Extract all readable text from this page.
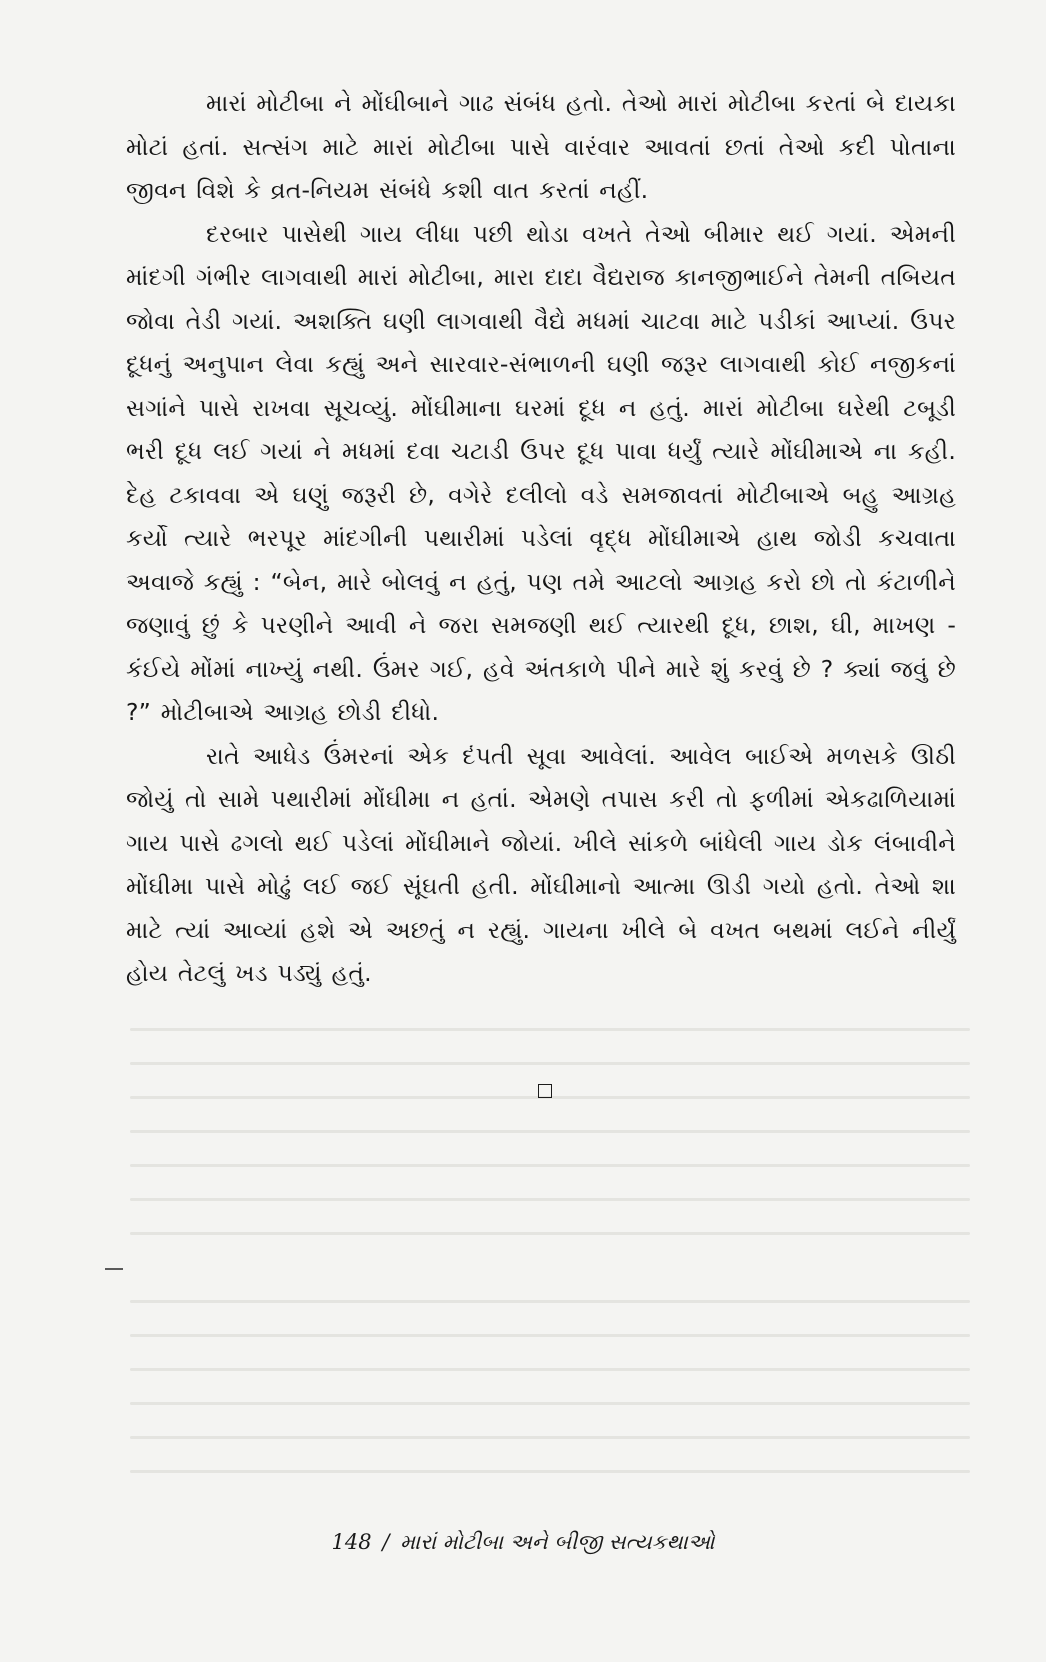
મારાં મોટીબા ને મોંઘીબાને ગાઢ સંબંધ હતો. તેઓ મારાં મોટીબા કરતાં બે દાયકા મોટાં હતાં. સત્સંગ માટે મારાં મોટીબા પાસે વારંવાર આવતાં છતાં તેઓ કદી પોતાના જીવન વિશે કે વ્રત-નિયમ સંબંધે કશી વાત કરતાં નહીં.

દરબાર પાસેથી ગાય લીધા પછી થોડા વખતે તેઓ બીમાર થઈ ગયાં. એમની માંદગી ગંભીર લાગવાથી મારાં મોટીબા, મારા દાદા વૈદ્યરાજ કાનજીભાઈને તેમની તબિયત જોવા તેડી ગયાં. અશક્તિ ઘણી લાગવાથી વૈદ્યે મધમાં ચાટવા માટે પડીકાં આપ્યાં. ઉપર દૂધનું અનુપાન લેવા કહ્યું અને સારવાર-સંભાળની ઘણી જરૂર લાગવાથી કોઈ નજીકનાં સગાંને પાસે રાખવા સૂચવ્યું. મોંઘીમાના ઘરમાં દૂધ ન હતું. મારાં મોટીબા ઘરેથી ટબૂડી ભરી દૂધ લઈ ગયાં ને મધમાં દવા ચટાડી ઉપર દૂધ પાવા ધર્યું ત્યારે મોંઘીમાએ ના કહી. દેહ ટકાવવા એ ઘણું જરૂરી છે, વગેરે દલીલો વડે સમજાવતાં મોટીબાએ બહુ આગ્રહ કર્યો ત્યારે ભરપૂર માંદગીની પથારીમાં પડેલાં વૃદ્ધ મોંઘીમાએ હાથ જોડી કચવાતા અવાજે કહ્યું : “બેન, મારે બોલવું ન હતું, પણ તમે આટલો આગ્રહ કરો છો તો કંટાળીને જણાવું છું કે પરણીને આવી ને જરા સમજણી થઈ ત્યારથી દૂધ, છાશ, ઘી, માખણ - કંઈયે મોંમાં નાખ્યું નથી. ઉંમર ગઈ, હવે અંતકાળે પીને મારે શું કરવું છે ? ક્યાં જવું છે ?” મોટીબાએ આગ્રહ છોડી દીધો.

રાતે આધેડ ઉંમરનાં એક દંપતી સૂવા આવેલાં. આવેલ બાઈએ મળસકે ઊઠી જોયું તો સામે પથારીમાં મોંઘીમા ન હતાં. એમણે તપાસ કરી તો ફળીમાં એકઢાળિયામાં ગાય પાસે ઢગલો થઈ પડેલાં મોંઘીમાને જોયાં. ખીલે સાંકળે બાંધેલી ગાય ડોક લંબાવીને મોંઘીમા પાસે મોઢું લઈ જઈ સૂંઘતી હતી. મોંઘીમાનો આત્મા ઊડી ગયો હતો. તેઓ શા માટે ત્યાં આવ્યાં હશે એ અછતું ન રહ્યું. ગાયના ખીલે બે વખત બથમાં લઈને નીર્યું હોય તેટલું ખડ પડ્યું હતું.

148 / મારાં મોટીબા અને બીજી સત્યકથાઓ
